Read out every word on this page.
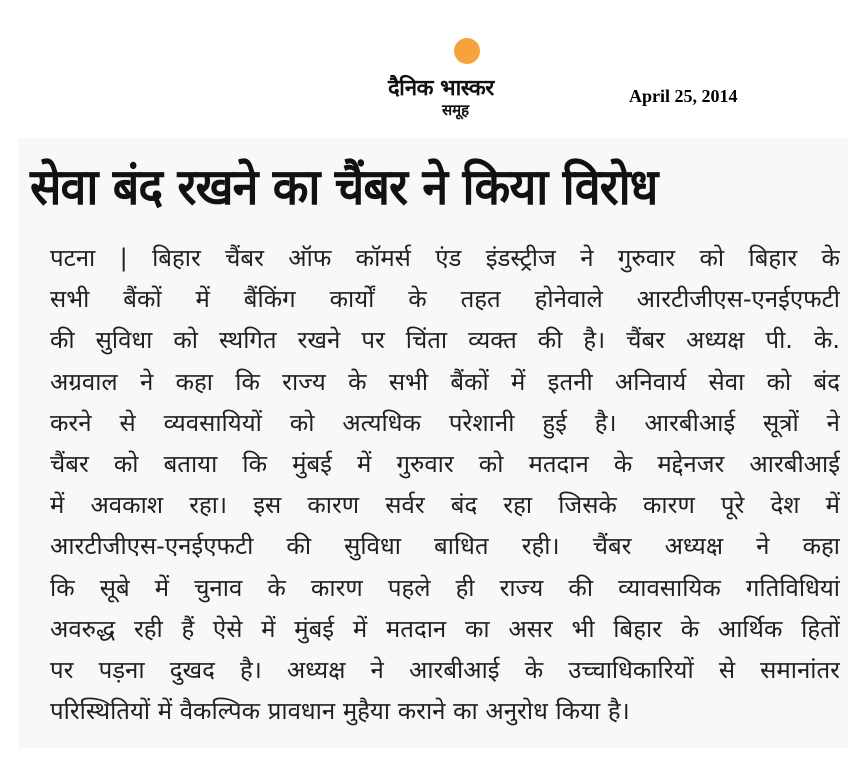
दैनिक भास्कर
समूह
April 25, 2014
सेवा बंद रखने का चैंबर ने किया विरोध
पटना | बिहार चैंबर ऑफ कॉमर्स एंड इंडस्ट्रीज ने गुरुवार को बिहार के
सभी बैंकों में बैंकिंग कार्यों के तहत होनेवाले आरटीजीएस-एनईएफटी
की सुविधा को स्थगित रखने पर चिंता व्यक्त की है। चैंबर अध्यक्ष पी. के.
अग्रवाल ने कहा कि राज्य के सभी बैंकों में इतनी अनिवार्य सेवा को बंद
करने से व्यवसायियों को अत्यधिक परेशानी हुई है। आरबीआई सूत्रों ने
चैंबर को बताया कि मुंबई में गुरुवार को मतदान के मद्देनजर आरबीआई
में अवकाश रहा। इस कारण सर्वर बंद रहा जिसके कारण पूरे देश में
आरटीजीएस-एनईएफटी की सुविधा बाधित रही। चैंबर अध्यक्ष ने कहा
कि सूबे में चुनाव के कारण पहले ही राज्य की व्यावसायिक गतिविधियां
अवरुद्ध रही हैं ऐसे में मुंबई में मतदान का असर भी बिहार के आर्थिक हितों
पर पड़ना दुखद है। अध्यक्ष ने आरबीआई के उच्चाधिकारियों से समानांतर
परिस्थितियों में वैकल्पिक प्रावधान मुहैया कराने का अनुरोध किया है।
